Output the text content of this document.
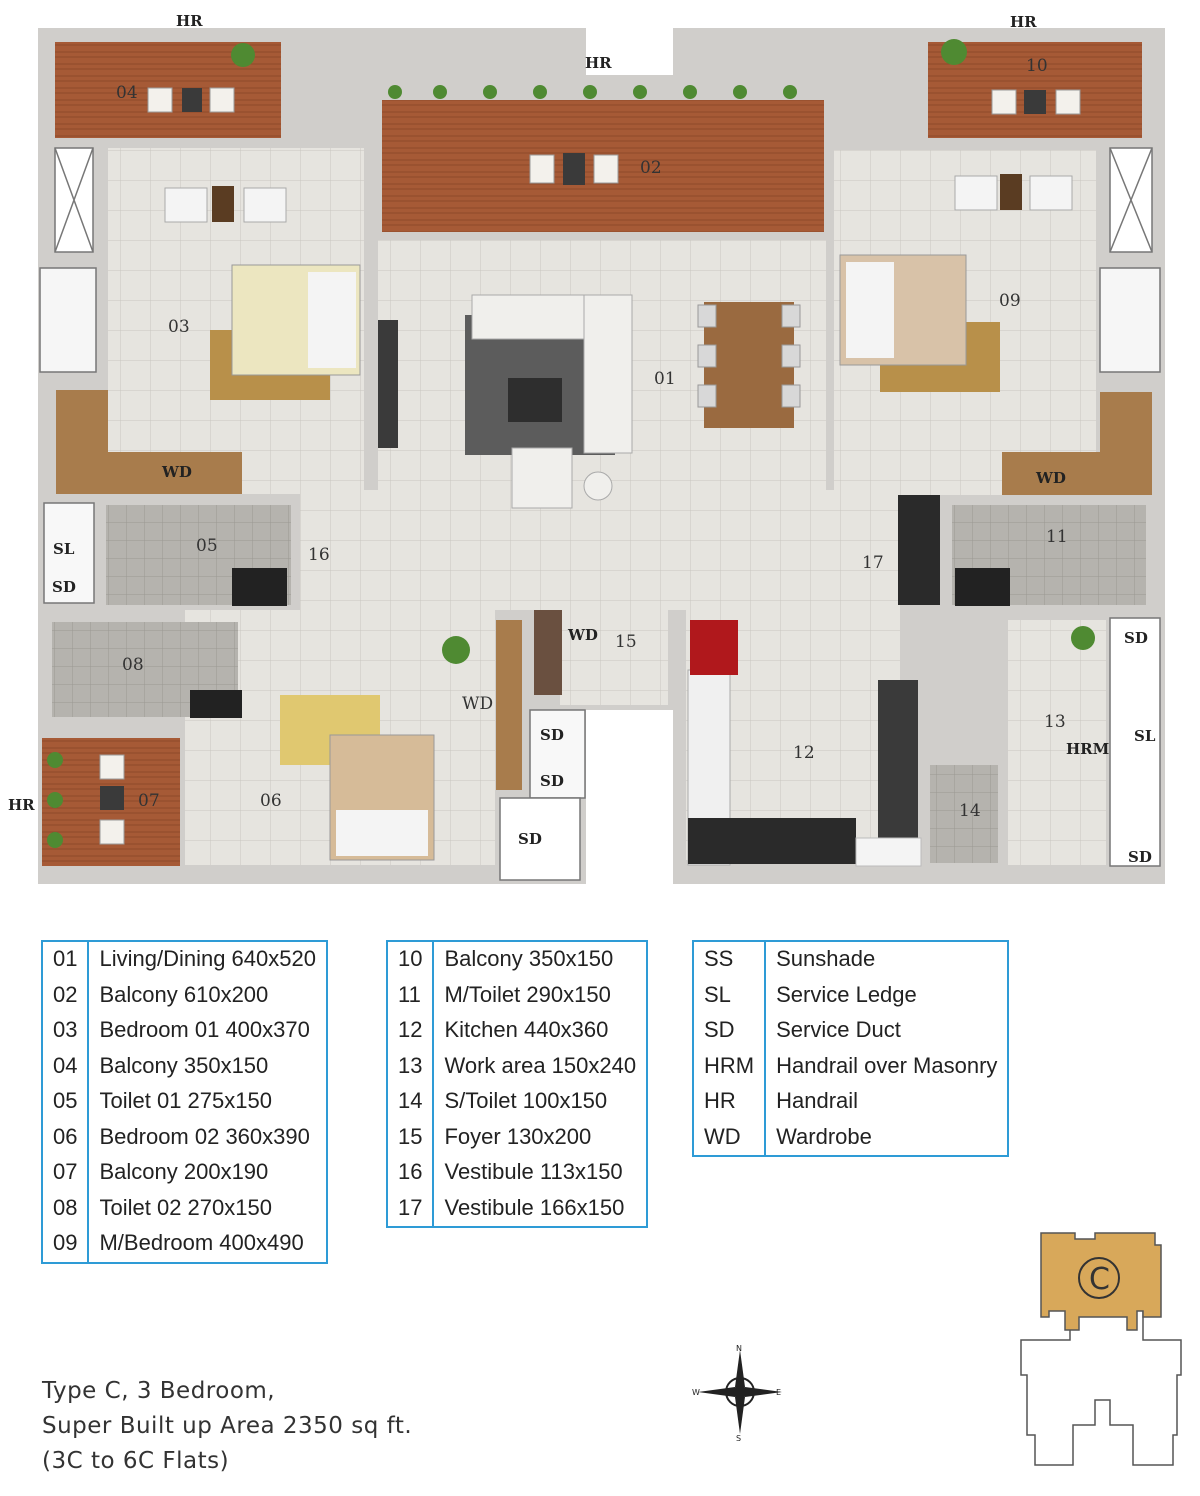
01
02
03
04
05
06
07
08
09
10
11
12
13
14
15
16	17
HR
HR
HR
HR
SL
SL
SD
SD
SD
SD
SD
SD
WD	WD
WD
WD
HRM
01	Living/Dining 640x520
02	Balcony 610x200
03	Bedroom 01 400x370
04	Balcony 350x150
05	Toilet 01 275x150
06	Bedroom 02 360x390
07	Balcony 200x190
08	Toilet 02 270x150
09	M/Bedroom 400x490
10	Balcony 350x150
11	M/Toilet 290x150
12	Kitchen 440x360
13	Work area 150x240
14	S/Toilet 100x150
15	Foyer 130x200
16	Vestibule 113x150
17	Vestibule 166x150
SS	Sunshade
SL	Service Ledge
SD	Service Duct
HRM	Handrail over Masonry
HR	Handrail
WD	Wardrobe
Type C, 3 Bedroom,
Super Built up Area 2350 sq ft.
(3C to 6C Flats)
N
S
E
W
C
